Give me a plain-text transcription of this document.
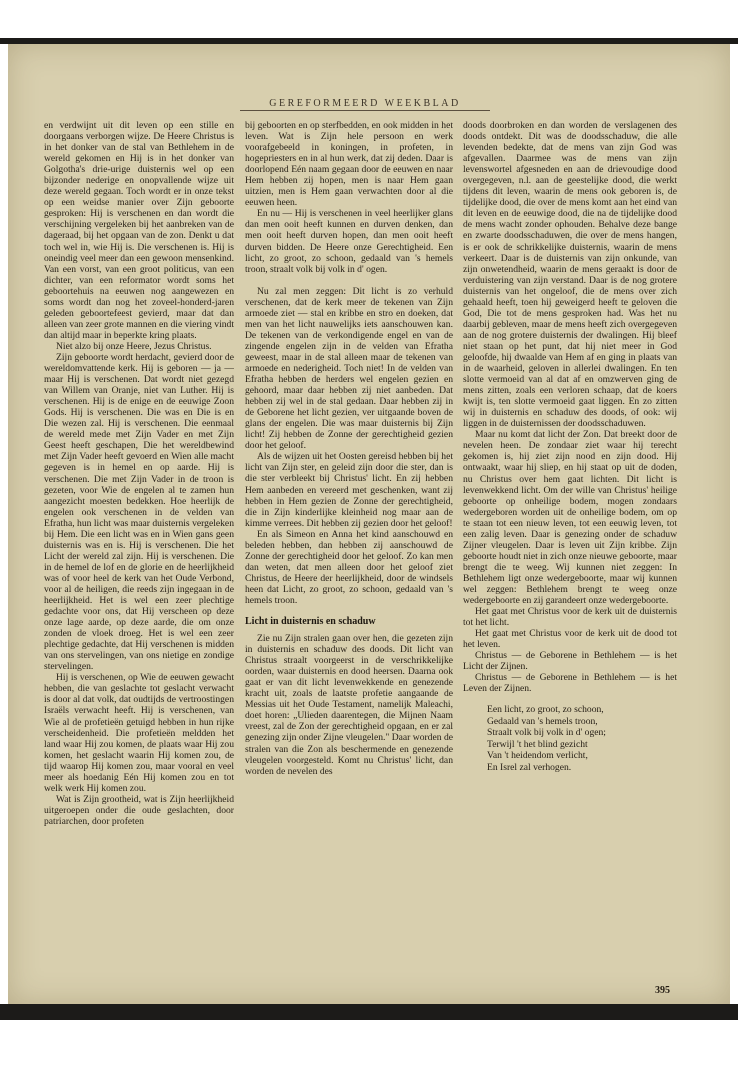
GEREFORMEERD WEEKBLAD

en verdwijnt uit dit leven op een stille en doorgaans verborgen wijze. De Heere Christus is in het donker van de stal van Bethlehem in de wereld gekomen en Hij is in het donker van Golgotha's drie-urige duisternis wel op een bijzonder nederige en onopvallende wijze uit deze wereld gegaan. Toch wordt er in onze tekst op een weidse manier over Zijn geboorte gesproken: Hij is verschenen en dan wordt die verschijning vergeleken bij het aanbreken van de dageraad, bij het opgaan van de zon. Denkt u dat toch wel in, wie Hij is. Die verschenen is. Hij is oneindig veel meer dan een gewoon mensenkind. Van een vorst, van een groot politicus, van een dichter, van een reformator wordt soms het geboortehuis na eeuwen nog aangewezen en soms wordt dan nog het zoveel-honderd-jaren geleden geboortefeest gevierd, maar dat dan alleen van zeer grote mannen en die viering vindt dan altijd maar in beperkte kring plaats.

Niet alzo bij onze Heere, Jezus Christus.

Zijn geboorte wordt herdacht, gevierd door de wereldomvattende kerk. Hij is geboren — ja — maar Hij is verschenen. Dat wordt niet gezegd van Willem van Oranje, niet van Luther. Hij is verschenen. Hij is de enige en de eeuwige Zoon Gods. Hij is verschenen. Die was en Die is en Die wezen zal. Hij is verschenen. Die eenmaal de wereld mede met Zijn Vader en met Zijn Geest heeft geschapen, Die het wereldbewind met Zijn Vader heeft gevoerd en Wien alle macht gegeven is in hemel en op aarde. Hij is verschenen. Die met Zijn Vader in de troon is gezeten, voor Wie de engelen al te zamen hun aangezicht moesten bedekken. Hoe heerlijk de engelen ook verschenen in de velden van Efratha, hun licht was maar duisternis vergeleken bij Hem. Die een licht was en in Wien gans geen duisternis was en is. Hij is verschenen. Die het Licht der wereld zal zijn. Hij is verschenen. Die in de hemel de lof en de glorie en de heerlijkheid was of voor heel de kerk van het Oude Verbond, voor al de heiligen, die reeds zijn ingegaan in de heerlijkheid. Het is wel een zeer plechtige gedachte voor ons, dat Hij verscheen op deze onze lage aarde, op deze aarde, die om onze zonden de vloek droeg. Het is wel een zeer plechtige gedachte, dat Hij verschenen is midden van ons stervelingen, van ons nietige en zondige stervelingen.

Hij is verschenen, op Wie de eeuwen gewacht hebben, die van geslachte tot geslacht verwacht is door al dat volk, dat oudtijds de vertroostingen Israëls verwacht heeft. Hij is verschenen, van Wie al de profetieën getuigd hebben in hun rijke verscheidenheid. Die profetieën meldden het land waar Hij zou komen, de plaats waar Hij zou komen, het geslacht waarin Hij komen zou, de tijd waarop Hij komen zou, maar vooral en veel meer als hoedanig Eén Hij komen zou en tot welk werk Hij komen zou.

Wat is Zijn grootheid, wat is Zijn heerlijkheid uitgeroepen onder die oude geslachten, door patriarchen, door profeten

bij geboorten en op sterfbedden, en ook midden in het leven. Wat is Zijn hele persoon en werk voorafgebeeld in koningen, in profeten, in hogepriesters en in al hun werk, dat zij deden. Daar is doorlopend Eén naam gegaan door de eeuwen en naar Hem hebben zij hopen, men is naar Hem gaan uitzien, men is Hem gaan verwachten door al die eeuwen heen.

En nu — Hij is verschenen in veel heerlijker glans dan men ooit heeft kunnen en durven denken, dan men ooit heeft durven hopen, dan men ooit heeft durven bidden. De Heere onze Gerechtigheid. Een licht, zo groot, zo schoon, gedaald van 's hemels troon, straalt volk bij volk in d' ogen.

Nu zal men zeggen: Dit licht is zo verhuld verschenen, dat de kerk meer de tekenen van Zijn armoede ziet — stal en kribbe en stro en doeken, dat men van het licht nauwelijks iets aanschouwen kan. De tekenen van de verkondigende engel en van de zingende engelen zijn in de velden van Efratha geweest, maar in de stal alleen maar de tekenen van armoede en nederigheid. Toch niet! In de velden van Efratha hebben de herders wel engelen gezien en gehoord, maar daar hebben zij niet aanbeden. Dat hebben zij wel in de stal gedaan. Daar hebben zij in de Geborene het licht gezien, ver uitgaande boven de glans der engelen. Die was maar duisternis bij Zijn licht! Zij hebben de Zonne der gerechtigheid gezien door het geloof.

Als de wijzen uit het Oosten gereisd hebben bij het licht van Zijn ster, en geleid zijn door die ster, dan is die ster verbleekt bij Christus' licht. En zij hebben Hem aanbeden en vereerd met geschenken, want zij hebben in Hem gezien de Zonne der gerechtigheid, die in Zijn kinderlijke kleinheid nog maar aan de kimme verrees. Dit hebben zij gezien door het geloof!

En als Simeon en Anna het kind aanschouwd en beleden hebben, dan hebben zij aanschouwd de Zonne der gerechtigheid door het geloof. Zo kan men dan weten, dat men alleen door het geloof ziet Christus, de Heere der heerlijkheid, door de windsels heen dat Licht, zo groot, zo schoon, gedaald van 's hemels troon.

Licht in duisternis en schaduw

Zie nu Zijn stralen gaan over hen, die gezeten zijn in duisternis en schaduw des doods. Dit licht van Christus straalt voorgeerst in de verschrikkelijke oorden, waar duisternis en dood heersen. Daarna ook gaat er van dit licht levenwekkende en genezende kracht uit, zoals de laatste profetie aangaande de Messias uit het Oude Testament, namelijk Maleachi, doet horen: „Ulieden daarentegen, die Mijnen Naam vreest, zal de Zon der gerechtigheid opgaan, en er zal genezing zijn onder Zijne vleugelen." Daar worden de stralen van die Zon als beschermende en genezende vleugelen voorgesteld. Komt nu Christus' licht, dan worden de nevelen des

doods doorbroken en dan worden de verslagenen des doods ontdekt. Dit was de doodsschaduw, die alle levenden bedekte, dat de mens van zijn God was afgevallen. Daarmee was de mens van zijn levenswortel afgesneden en aan de drievoudige dood overgegeven, n.l. aan de geestelijke dood, die werkt tijdens dit leven, waarin de mens ook geboren is, de tijdelijke dood, die over de mens komt aan het eind van dit leven en de eeuwige dood, die na de tijdelijke dood de mens wacht zonder ophouden. Behalve deze bange en zwarte doodsschaduwen, die over de mens hangen, is er ook de schrikkelijke duisternis, waarin de mens verkeert. Daar is de duisternis van zijn onkunde, van zijn onwetendheid, waarin de mens geraakt is door de verduistering van zijn verstand. Daar is de nog grotere duisternis van het ongeloof, die de mens over zich gehaald heeft, toen hij geweigerd heeft te geloven die God, Die tot de mens gesproken had. Was het nu daarbij gebleven, maar de mens heeft zich overgegeven aan de nog grotere duisternis der dwalingen. Hij bleef niet staan op het punt, dat hij niet meer in God geloofde, hij dwaalde van Hem af en ging in plaats van in de waarheid, geloven in allerlei dwalingen. En ten slotte vermoeid van al dat af en omzwerven ging de mens zitten, zoals een verloren schaap, dat de koers kwijt is, ten slotte vermoeid gaat liggen. En zo zitten wij in duisternis en schaduw des doods, of ook: wij liggen in de duisternissen der doodsschaduwen.

Maar nu komt dat licht der Zon. Dat breekt door de nevelen heen. De zondaar ziet waar hij terecht gekomen is, hij ziet zijn nood en zijn dood. Hij ontwaakt, waar hij sliep, en hij staat op uit de doden, nu Christus over hem gaat lichten. Dit licht is levenwekkend licht. Om der wille van Christus' heilige geboorte op onheilige bodem, mogen zondaars wedergeboren worden uit de onheilige bodem, om op te staan tot een nieuw leven, tot een eeuwig leven, tot een zalig leven. Daar is genezing onder de schaduw Zijner vleugelen. Daar is leven uit Zijn kribbe. Zijn geboorte houdt niet in zich onze nieuwe geboorte, maar brengt die te weeg. Wij kunnen niet zeggen: In Bethlehem ligt onze wedergeboorte, maar wij kunnen wel zeggen: Bethlehem brengt te weeg onze wedergeboorte en zij garandeert onze wedergeboorte.

Het gaat met Christus voor de kerk uit de duisternis tot het licht.

Het gaat met Christus voor de kerk uit de dood tot het leven.

Christus — de Geborene in Bethlehem — is het Licht der Zijnen.

Christus — de Geborene in Bethlehem — is het Leven der Zijnen.

Een licht, zo groot, zo schoon,
Gedaald van 's hemels troon,
Straalt volk bij volk in d' ogen;
Terwijl 't het blind gezicht
Van 't heidendom verlicht,
En Isrel zal verhogen.
395
